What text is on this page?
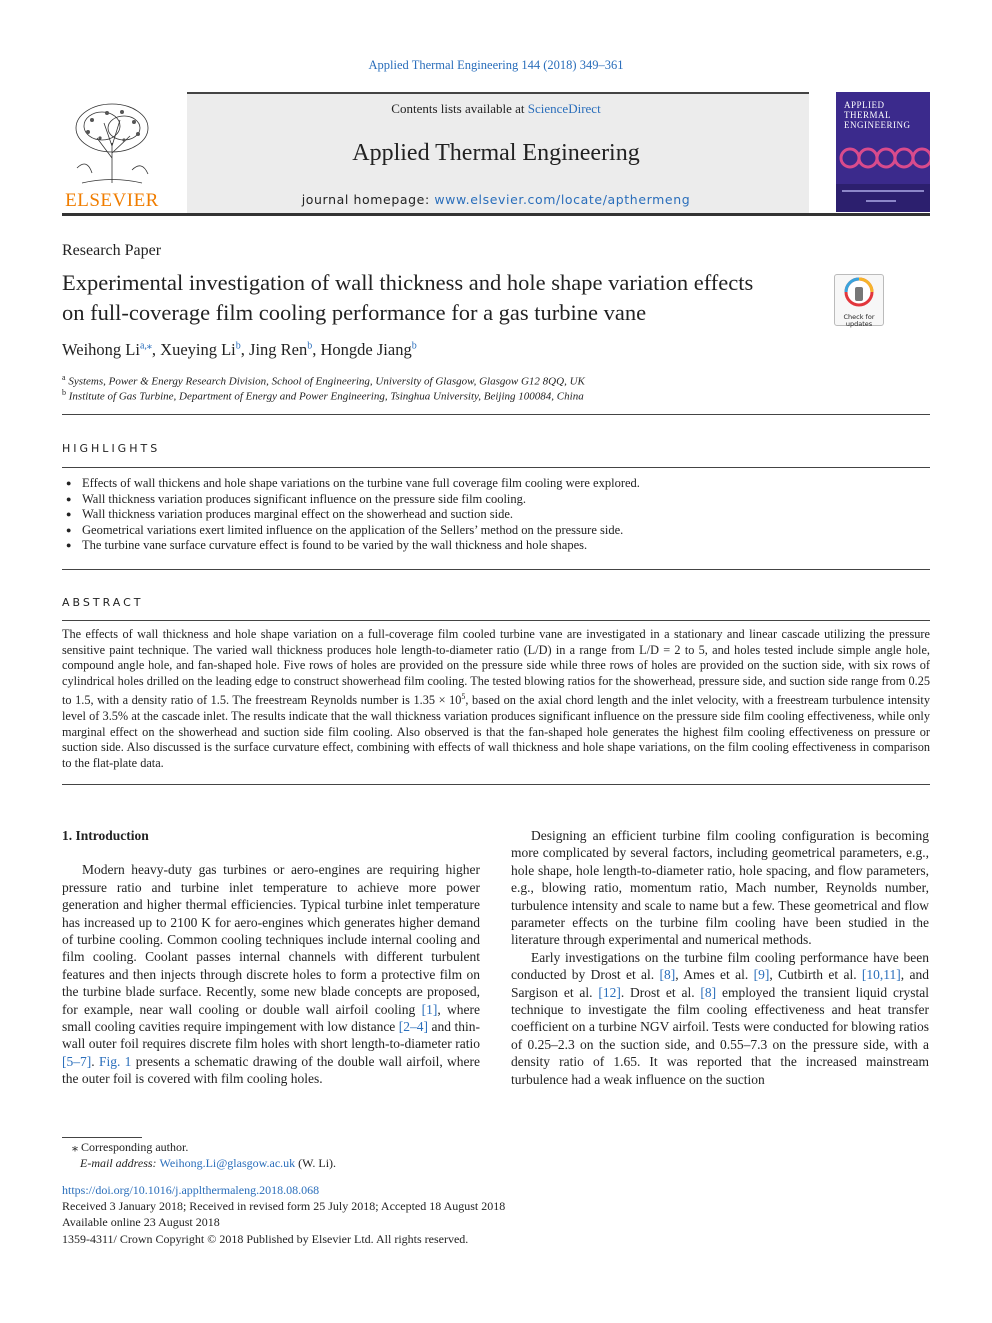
Applied Thermal Engineering 144 (2018) 349–361
ELSEVIER
Contents lists available at ScienceDirect
Applied Thermal Engineering
journal homepage: www.elsevier.com/locate/apthermeng
APPLIED THERMAL ENGINEERING
Research Paper
Experimental investigation of wall thickness and hole shape variation effects
on full-coverage film cooling performance for a gas turbine vane	Check for updates
Weihong $Li^{a,⁎}$, Xueying Li$^b$, Jing Ren$^b$, Hongde Jiang$^b$
$^a$ Systems, Power & Energy Research Division, School of Engineering, University of Glasgow, Glasgow G12 8QQ, UK
$^b$ Institute of Gas Turbine, Department of Energy and Power Engineering, Tsinghua University, Beijing 100084, China
HIGHLIGHTS
● Effects of wall thickens and hole shape variations on the turbine vane full coverage film cooling were explored.
● Wall thickness variation produces significant influence on the pressure side film cooling.
● Wall thickness variation produces marginal effect on the showerhead and suction side.
● Geometrical variations exert limited influence on the application of the Sellers’ method on the pressure side.
● The turbine vane surface curvature effect is found to be varied by the wall thickness and hole shapes.
ABSTRACT
The effects of wall thickness and hole shape variation on a full-coverage film cooled turbine vane are investigated in a stationary and linear cascade utilizing the pressure sensitive paint technique. The varied wall thickness produces hole length-to-diameter ratio (L/D) in a range from L/D = 2 to 5, and holes tested include simple angle hole, compound angle hole, and fan-shaped hole. Five rows of holes are provided on the pressure side while three rows of holes are provided on the suction side, with six rows of cylindrical holes drilled on the leading edge to construct showerhead film cooling. The tested blowing ratios for the showerhead, pressure side, and suction side range from 0.25 to 1.5, with a density ratio of 1.5. The freestream Reynolds number is $1.35 \times 10^5$, based on the axial chord length and the inlet velocity, with a freestream turbulence intensity level of 3.5% at the cascade inlet. The results indicate that the wall thickness variation produces significant influence on the pressure side film cooling effectiveness, while only marginal effect on the showerhead and suction side film cooling. Also observed is that the fan-shaped hole generates the highest film cooling effectiveness on pressure or suction side. Also discussed is the surface curvature effect, combining with effects of wall thickness and hole shape variations, on the film cooling effectiveness in comparison to the flat-plate data.
1. Introduction

Modern heavy-duty gas turbines or aero-engines are requiring higher pressure ratio and turbine inlet temperature to achieve more power generation and higher thermal efficiencies. Typical turbine inlet temperature has increased up to 2100 K for aero-engines which generates higher demand of turbine cooling. Common cooling techniques include internal cooling and film cooling. Coolant passes internal channels with different turbulent features and then injects through discrete holes to form a protective film on the turbine blade surface. Recently, some new blade concepts are proposed, for example, near wall cooling or double wall airfoil cooling [1], where small cooling cavities require impingement with low distance [2–4] and thin-wall outer foil requires discrete film holes with short length-to-diameter ratio [5–7]. Fig. 1 presents a schematic drawing of the double wall airfoil, where the outer foil is covered with film cooling holes.

Designing an efficient turbine film cooling configuration is becoming more complicated by several factors, including geometrical parameters, e.g., hole shape, hole length-to-diameter ratio, hole spacing, and flow parameters, e.g., blowing ratio, momentum ratio, Mach number, Reynolds number, turbulence intensity and scale to name but a few. These geometrical and flow parameter effects on the turbine film cooling have been studied in the literature through experimental and numerical methods.

Early investigations on the turbine film cooling performance have been conducted by Drost et al. [8], Ames et al. [9], Cutbirth et al. [10,11], and Sargison et al. [12]. Drost et al. [8] employed the transient liquid crystal technique to investigate the film cooling effectiveness and heat transfer coefficient on a turbine NGV airfoil. Tests were conducted for blowing ratios of 0.25–2.3 on the suction side, and 0.55–7.3 on the pressure side, with a density ratio of 1.65. It was reported that the increased mainstream turbulence had a weak influence on the suction

⁎ Corresponding author.
E-mail address: Weihong.Li@glasgow.ac.uk (W. Li).
https://doi.org/10.1016/j.applthermaleng.2018.08.068
Received 3 January 2018; Received in revised form 25 July 2018; Accepted 18 August 2018
Available online 23 August 2018
1359-4311/ Crown Copyright © 2018 Published by Elsevier Ltd. All rights reserved.
